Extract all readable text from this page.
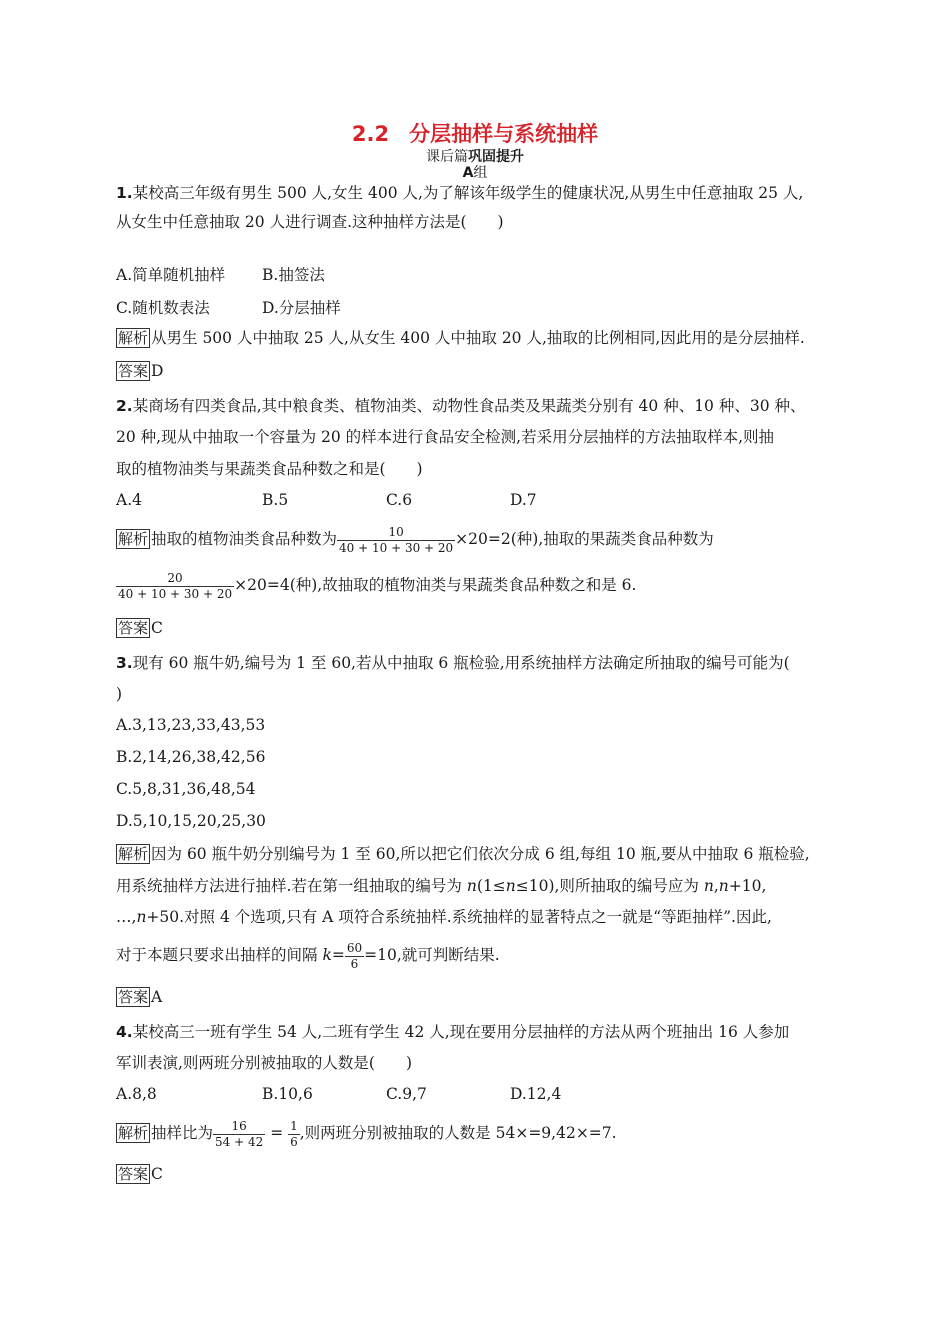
2.2 分层抽样与系统抽样
课后篇巩固提升
A组
1.某校高三年级有男生 500 人,女生 400 人,为了解该年级学生的健康状况,从男生中任意抽取 25 人,
从女生中任意抽取 20 人进行调查.这种抽样方法是(　　)
A.简单随机抽样 B.抽签法
C.随机数表法	D.分层抽样
解析 从男生 500 人中抽取 25 人,从女生 400 人中抽取 20 人,抽取的比例相同,因此用的是分层抽样.
答案 D
2.某商场有四类食品,其中粮食类、植物油类、动物性食品类及果蔬类分别有 40 种、10 种、30 种、
20 种,现从中抽取一个容量为 20 的样本进行食品安全检测,若采用分层抽样的方法抽取样本,则抽
取的植物油类与果蔬类食品种数之和是(　　)
A.4	B.5	C.6	D.7
解析 抽取的植物油类食品种数为 $\frac{10}{40 + 10 + 30 + 20} \times 20=2$(种),抽取的果蔬类食品种数为
$\frac{20}{40 + 10 + 30 + 20} \times 20=4$(种),故抽取的植物油类与果蔬类食品种数之和是 6.
答案 C
3.现有 60 瓶牛奶,编号为 1 至 60,若从中抽取 6 瓶检验,用系统抽样方法确定所抽取的编号可能为(
)
A.3,13,23,33,43,53
B.2,14,26,38,42,56
C.5,8,31,36,48,54
D.5,10,15,20,25,30
解析 因为 60 瓶牛奶分别编号为 1 至 60,所以把它们依次分成 6 组,每组 10 瓶,要从中抽取 6 瓶检验,
用系统抽样方法进行抽样.若在第一组抽取的编号为 n(1≤n≤10),则所抽取的编号应为 n,n+10,
…,n+50.对照 4 个选项,只有 A 项符合系统抽样.系统抽样的显著特点之一就是“等距抽样”.因此,
对于本题只要求出抽样的间隔 $k= \frac{60}{6} =10$,就可判断结果.
答案 A
4.某校高三一班有学生 54 人,二班有学生 42 人,现在要用分层抽样的方法从两个班抽出 16 人参加
军训表演,则两班分别被抽取的人数是(　　)
A.8,8	B.10,6	C.9,7	D.12,4
解析 抽样比为 $\frac{16}{54 + 42} = \frac{1}{6}$ ,则两班分别被抽取的人数是 54×=9,42×=7.
答案 C
